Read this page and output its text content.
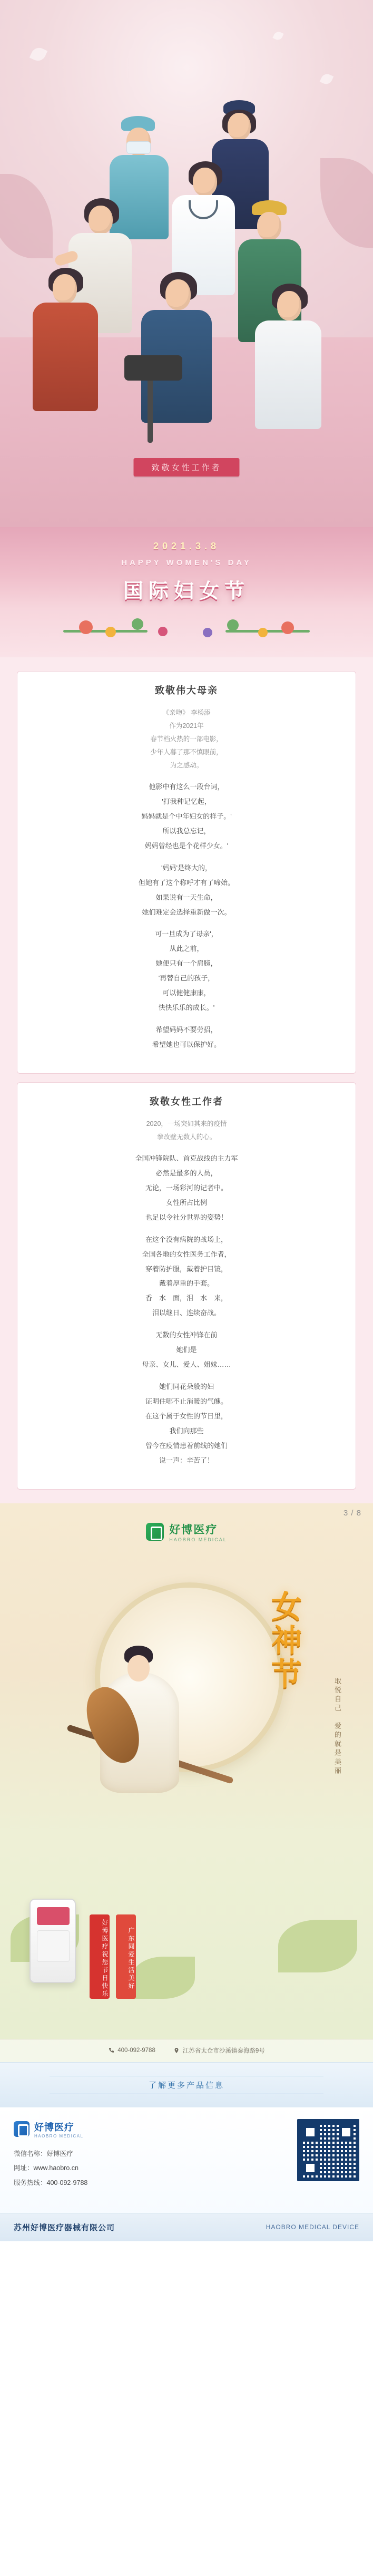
致敬女性工作者
2021.3.8
HAPPY WOMEN'S DAY
国际妇女节
致敬伟大母亲
《亲吻》 李杨添
作为2021年
春节档火热的一部电影，
少年人暮了那不慎眼前，
为之感动。
他影中有这么一段台词，
'打我种记忆起，
妈妈就是个中年妇女的样子。'
所以我总忘记，
妈妈曾经也是个花样少女。'
'妈妈'是终大的，
但她有了这个称呼才有了啼始。
如果说有一天生命，
她们难定会选择重新做一次。
可一旦成为了母亲'，
从此之前，
她便只有一个肩膀，
'再替自己的孩子，
可以健健康康，
快快乐乐的成长。'
希望妈妈不要劳招，
希望她也可以保护好。
致敬女性工作者
2020，一场突如其来的疫情
拳改壁无数人的心。
全国冲锋院队、首克战线的主力军
必然是最多的人员，
无论，一场彩河的记者中。
女性所占比例
也足以令社分世界的姿势！
在这个没有病院的战场上，
全国各地的女性医务工作者，
穿着防护服，戴着护目镜，
戴着厚重的手套。
香　水　面，泪　水　来，
泪以继日、连续奋战。
无数的女性冲锋在前
她们是
母亲、女儿、爱人、姐妹……
她们同花朵般的妇
证明住哪不止消暖的气魄。
在这个属于女性的节日里，
我们向那些
曾今在疫情患着前线的她们
说一声：辛苦了！
3 / 8
好博医疗
HAOBRO MEDICAL
女神节
取悦自己　爱的就是美丽
好博医疗祝您节日快乐	广东同爱生活美好
400-092-9788	江苏省太仓市沙溪镇泰海路9号
了解更多产品信息
好博医疗
HAOBRO MEDICAL
微信名称：好博医疗
网址：www.haobro.cn
服务热线：400-092-9788
苏州好博医疗器械有限公司	HAOBRO MEDICAL DEVICE
